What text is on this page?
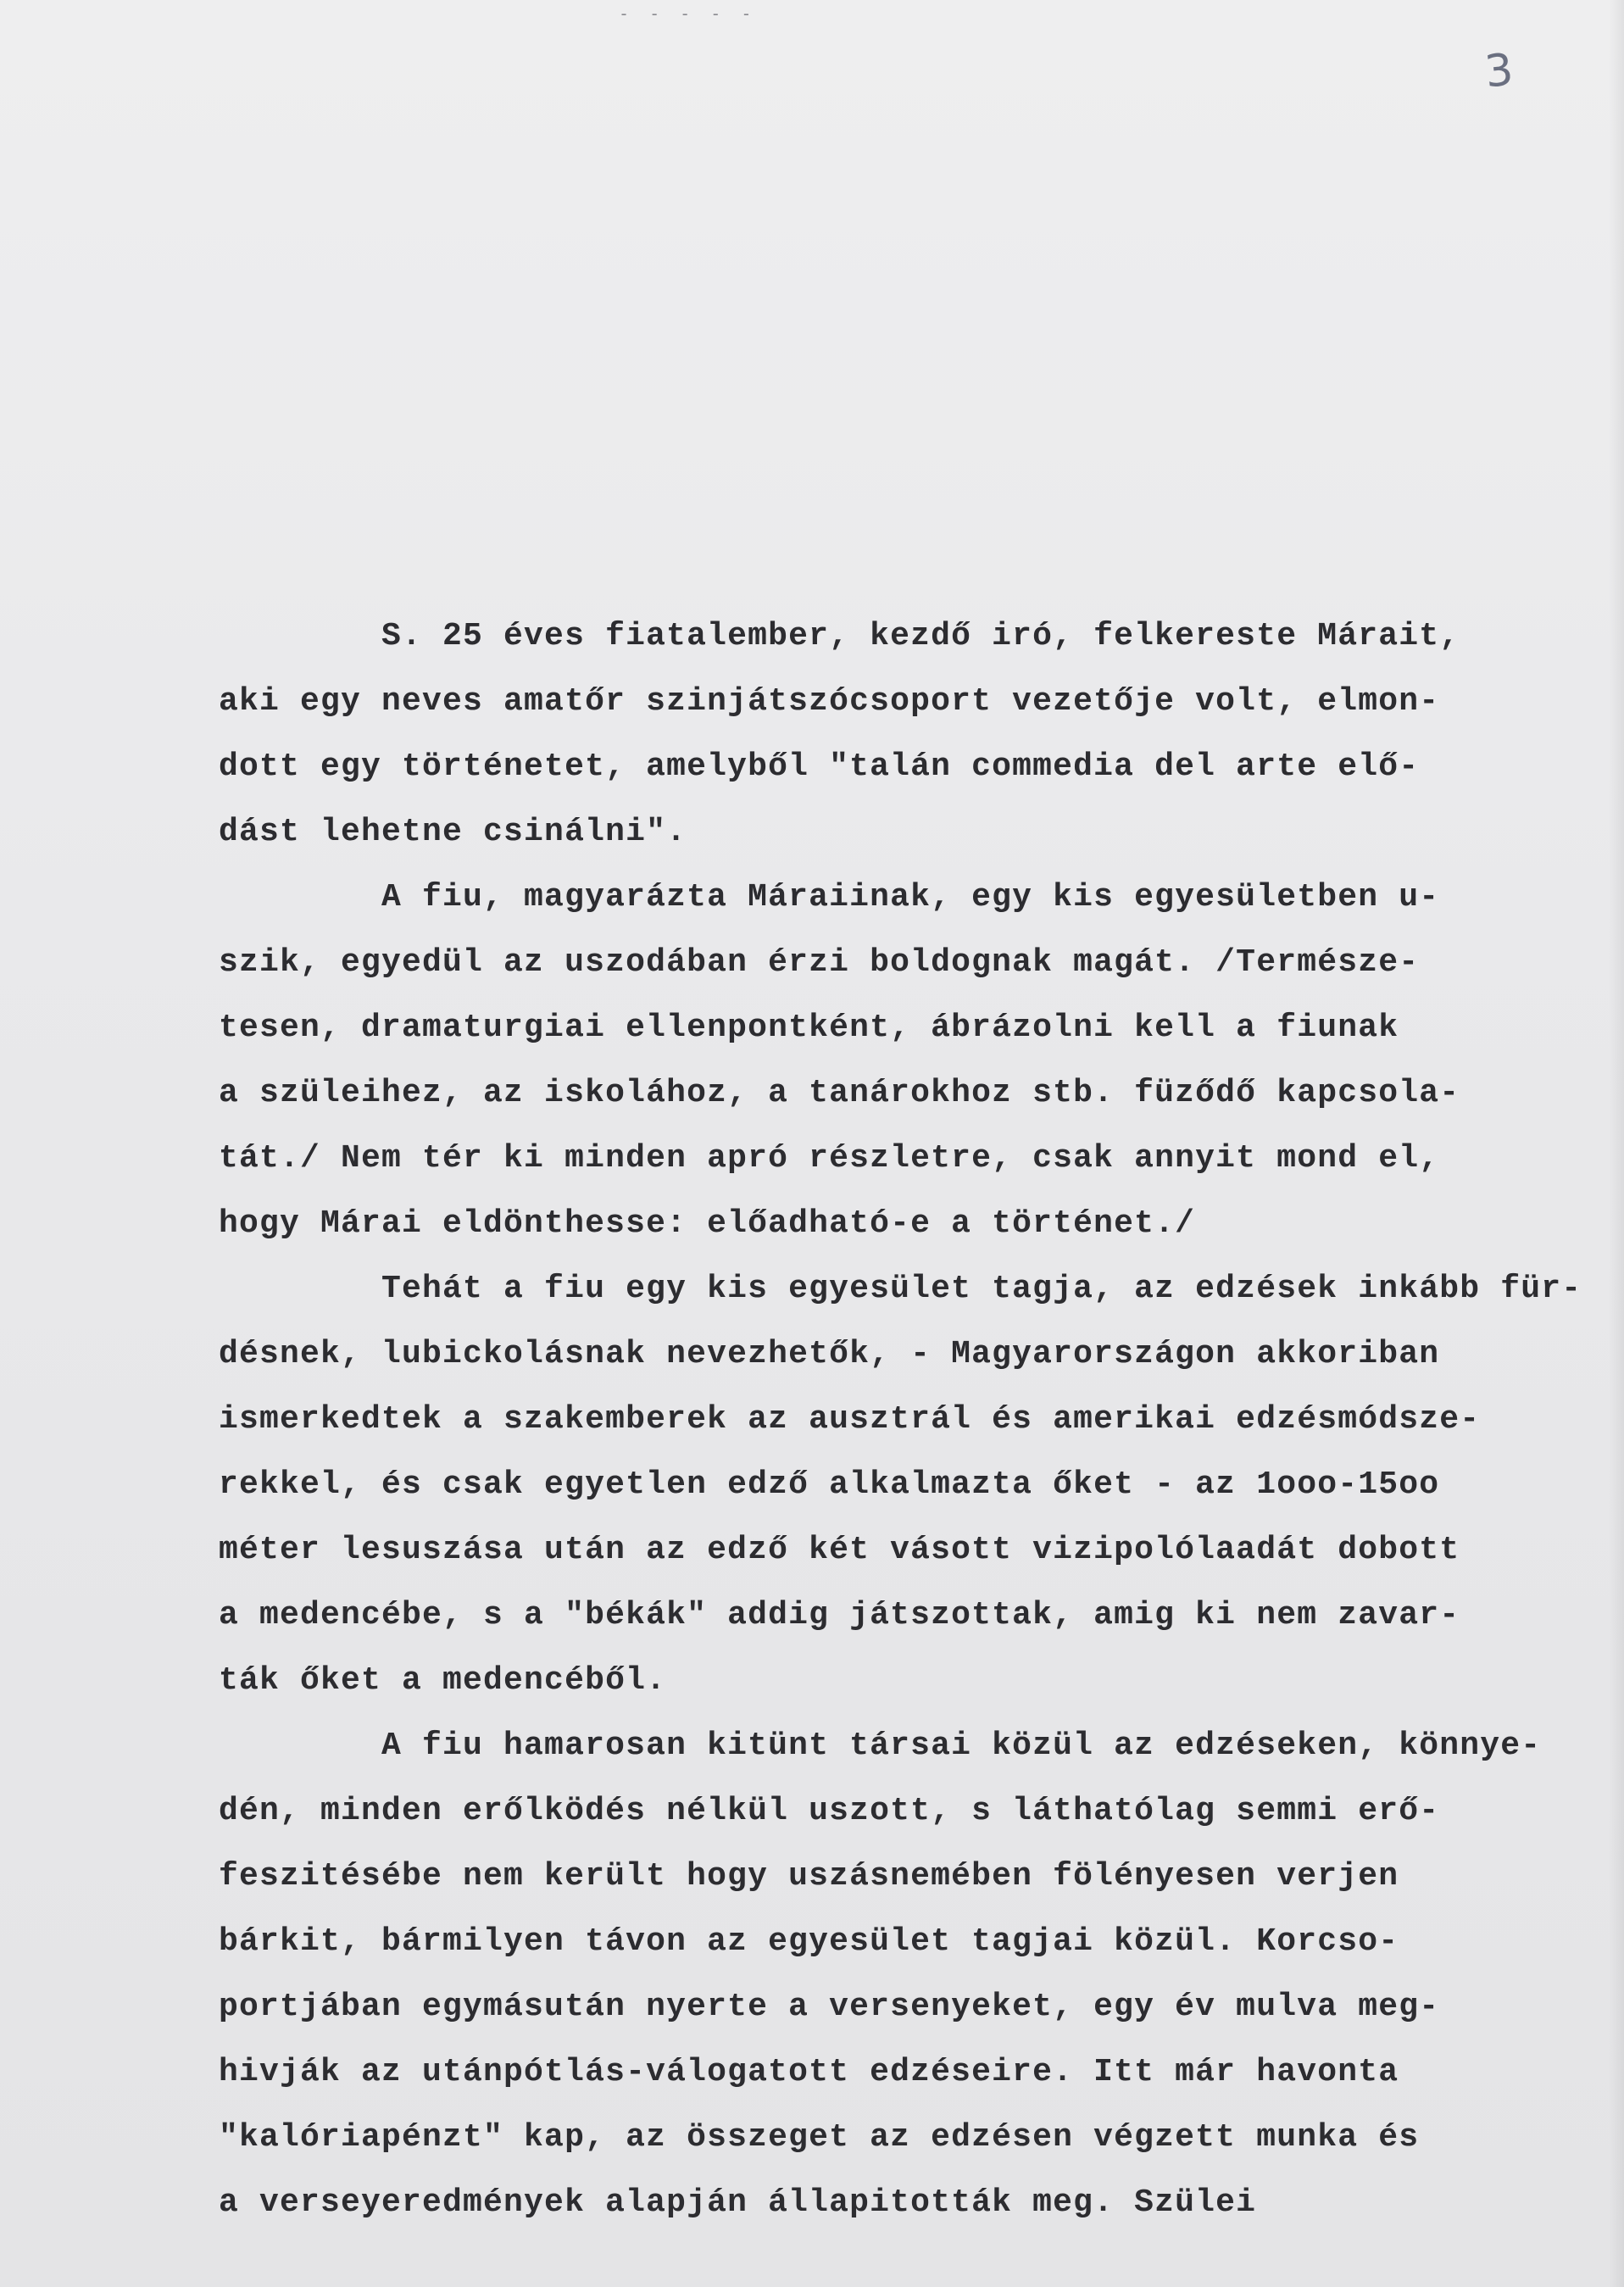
- - - - -
3
S. 25 éves fiatalember, kezdő iró, felkereste Márait,
aki egy neves amatőr szinjátszócsoport vezetője volt, elmon-
dott egy történetet, amelyből "talán commedia del arte elő-
dást lehetne csinálni".
A fiu, magyarázta Máraiinak, egy kis egyesületben u-
szik, egyedül az uszodában érzi boldognak magát. /Természe-
tesen, dramaturgiai ellenpontként, ábrázolni kell a fiunak
a szüleihez, az iskolához, a tanárokhoz stb. füződő kapcsola-
tát./ Nem tér ki minden apró részletre, csak annyit mond el,
hogy Márai eldönthesse: előadható-e a történet./
Tehát a fiu egy kis egyesület tagja, az edzések inkább für-
désnek, lubickolásnak nevezhetők, - Magyarországon akkoriban
ismerkedtek a szakemberek az ausztrál és amerikai edzésmódsze-
rekkel, és csak egyetlen edző alkalmazta őket - az 1ooo-15oo
méter lesuszása után az edző két vásott vizipolólaadát dobott
a medencébe, s a "békák" addig játszottak, amig ki nem zavar-
ták őket a medencéből.
A fiu hamarosan kitünt társai közül az edzéseken, könnye-
dén, minden erőlködés nélkül uszott, s láthatólag semmi erő-
feszitésébe nem került hogy uszásnemében fölényesen verjen
bárkit, bármilyen távon az egyesület tagjai közül. Korcso-
portjában egymásután nyerte a versenyeket, egy év mulva meg-
hivják az utánpótlás-válogatott edzéseire. Itt már havonta
"kalóriapénzt" kap, az összeget az edzésen végzett munka és
a verseyeredmények alapján állapitották meg. Szülei
